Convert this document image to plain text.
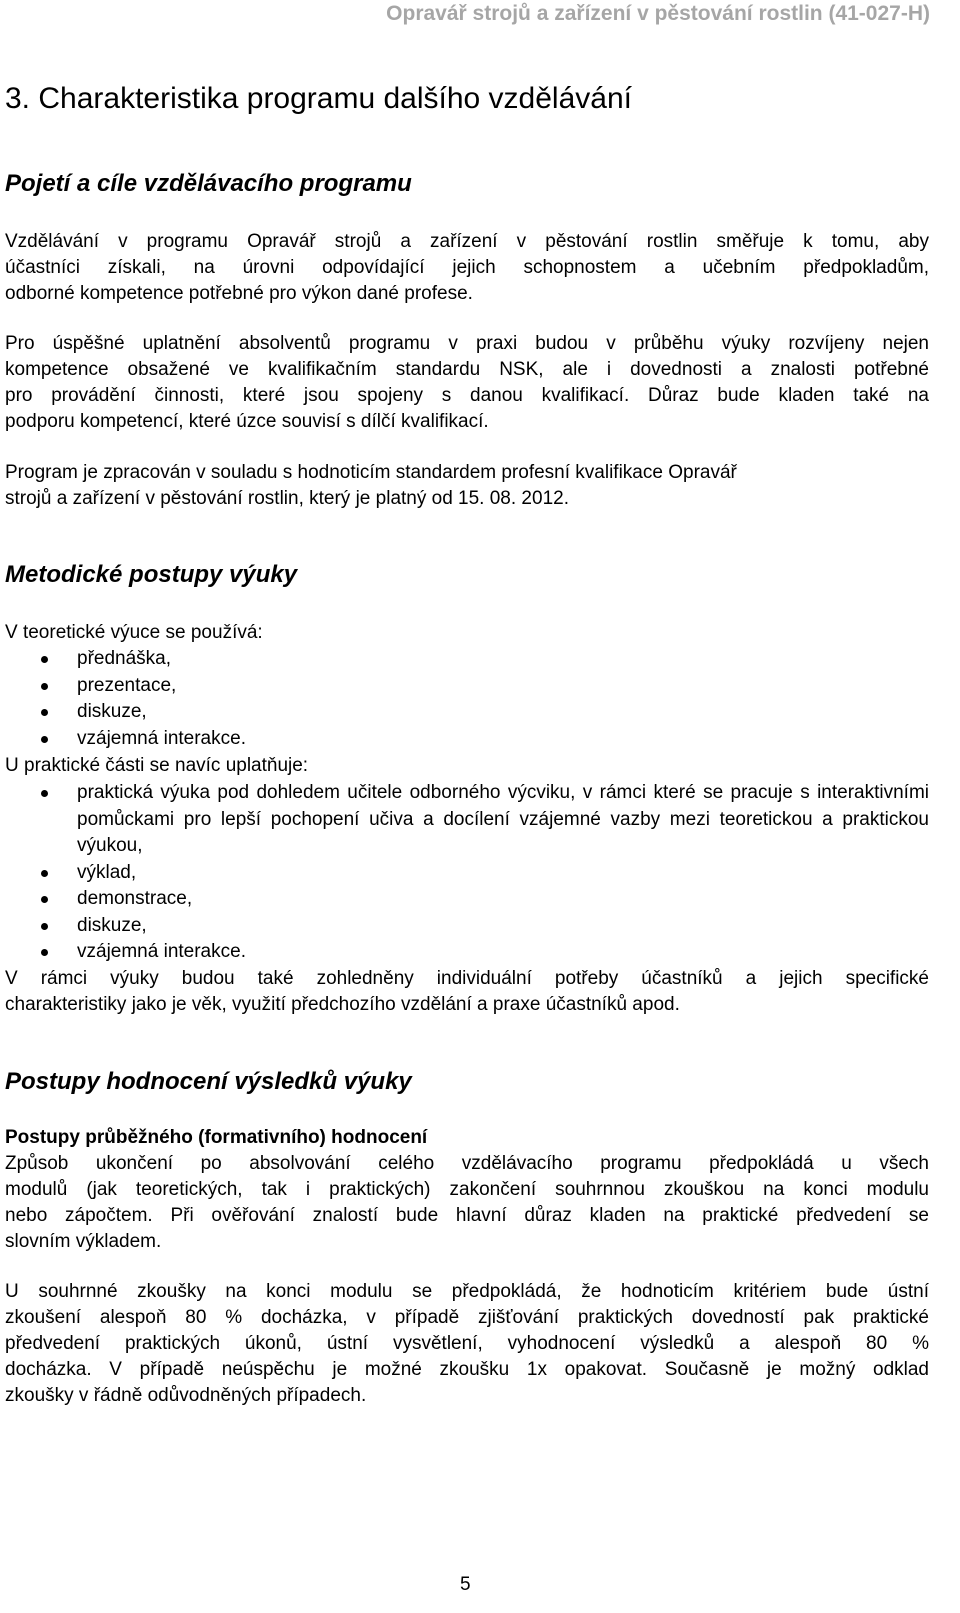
Opravář strojů a zařízení v pěstování rostlin (41-027-H)
3. Charakteristika programu dalšího vzdělávání
Pojetí a cíle vzdělávacího programu
Vzdělávání v programu Opravář strojů a zařízení v pěstování rostlin směřuje k tomu, aby
účastníci získali, na úrovni odpovídající jejich schopnostem a učebním předpokladům,
odborné kompetence potřebné pro výkon dané profese.
Pro úspěšné uplatnění absolventů programu v praxi budou v průběhu výuky rozvíjeny nejen
kompetence obsažené ve kvalifikačním standardu NSK, ale i dovednosti a znalosti potřebné
pro provádění činnosti, které jsou spojeny s danou kvalifikací. Důraz bude kladen také na
podporu kompetencí, které úzce souvisí s dílčí kvalifikací.
Program je zpracován v souladu s hodnoticím standardem profesní kvalifikace Opravář
strojů a zařízení v pěstování rostlin, který je platný od 15. 08. 2012.
Metodické postupy výuky
V teoretické výuce se používá:
přednáška,
prezentace,
diskuze,
vzájemná interakce.
U praktické části se navíc uplatňuje:
praktická výuka pod dohledem učitele odborného výcviku, v rámci které se pracuje s interaktivními pomůckami pro lepší pochopení učiva a docílení vzájemné vazby mezi teoretickou a praktickou výukou,
výklad,
demonstrace,
diskuze,
vzájemná interakce.
V rámci výuky budou také zohledněny individuální potřeby účastníků a jejich specifické
charakteristiky jako je věk, využití předchozího vzdělání a praxe účastníků apod.
Postupy hodnocení výsledků výuky
Postupy průběžného (formativního) hodnocení
Způsob ukončení po absolvování celého vzdělávacího programu předpokládá u všech
modulů (jak teoretických, tak i praktických) zakončení souhrnnou zkouškou na konci modulu
nebo zápočtem. Při ověřování znalostí bude hlavní důraz kladen na praktické předvedení se
slovním výkladem.
U souhrnné zkoušky na konci modulu se předpokládá, že hodnoticím kritériem bude ústní
zkoušení alespoň 80 % docházka, v případě zjišťování praktických dovedností pak praktické
předvedení praktických úkonů, ústní vysvětlení, vyhodnocení výsledků a alespoň 80 %
docházka. V případě neúspěchu je možné zkoušku 1x opakovat. Současně je možný odklad
zkoušky v řádně odůvodněných případech.
5
